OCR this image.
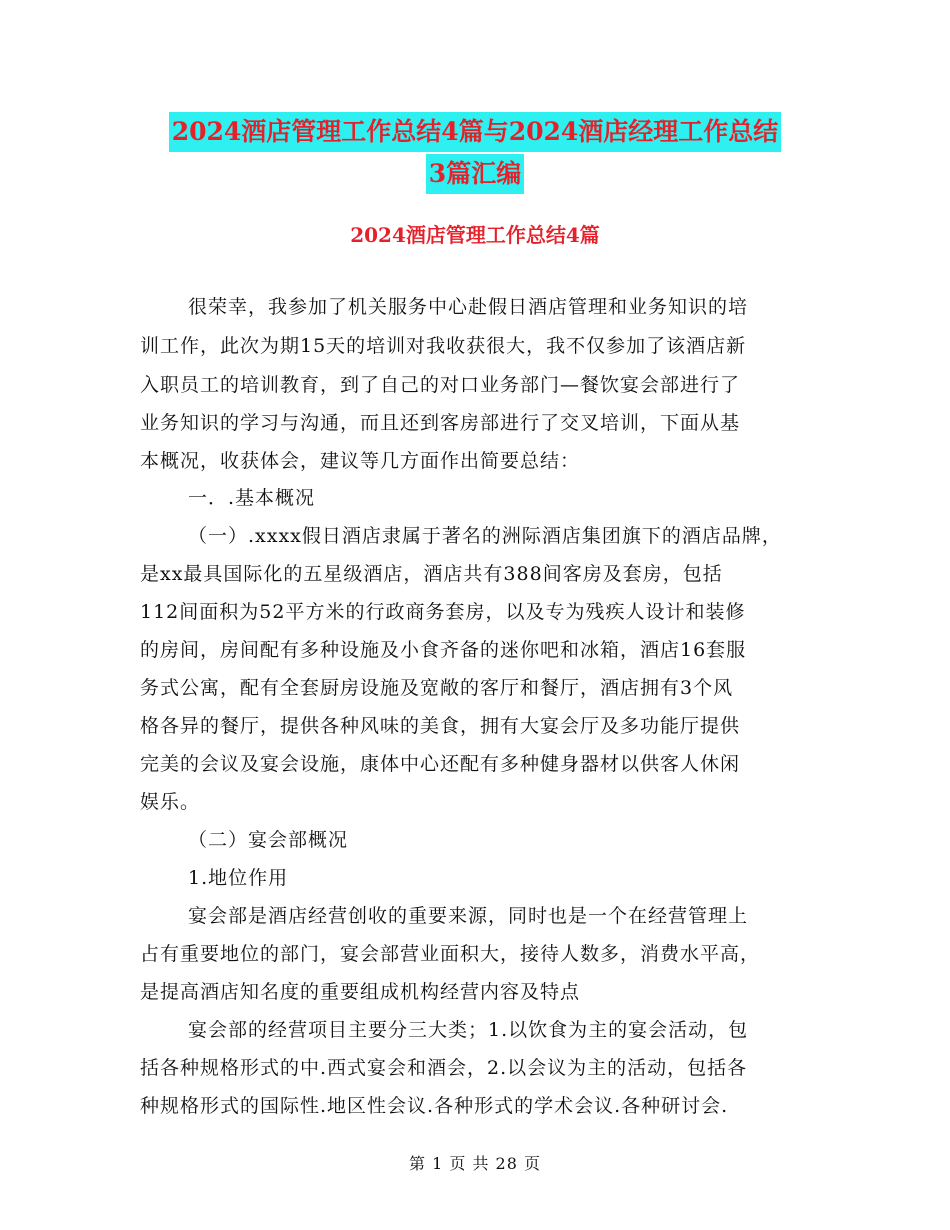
2024酒店管理工作总结4篇与2024酒店经理工作总结
3篇汇编
2024酒店管理工作总结4篇
很荣幸，我参加了机关服务中心赴假日酒店管理和业务知识的培
训工作，此次为期15天的培训对我收获很大，我不仅参加了该酒店新
入职员工的培训教育，到了自己的对口业务部门—餐饮宴会部进行了
业务知识的学习与沟通，而且还到客房部进行了交叉培训，下面从基
本概况，收获体会，建议等几方面作出简要总结：
一．.基本概况
（一）.xxxx假日酒店隶属于著名的洲际酒店集团旗下的酒店品牌，
是xx最具国际化的五星级酒店，酒店共有388间客房及套房，包括
112间面积为52平方米的行政商务套房，以及专为残疾人设计和装修
的房间，房间配有多种设施及小食齐备的迷你吧和冰箱，酒店16套服
务式公寓，配有全套厨房设施及宽敞的客厅和餐厅，酒店拥有3个风
格各异的餐厅，提供各种风味的美食，拥有大宴会厅及多功能厅提供
完美的会议及宴会设施，康体中心还配有多种健身器材以供客人休闲
娱乐。
（二）宴会部概况
1.地位作用
宴会部是酒店经营创收的重要来源，同时也是一个在经营管理上
占有重要地位的部门，宴会部营业面积大，接待人数多，消费水平高，
是提高酒店知名度的重要组成机构经营内容及特点
宴会部的经营项目主要分三大类；1.以饮食为主的宴会活动，包
括各种规格形式的中.西式宴会和酒会，2.以会议为主的活动，包括各
种规格形式的国际性.地区性会议.各种形式的学术会议.各种研讨会.
第 1 页 共 28 页
